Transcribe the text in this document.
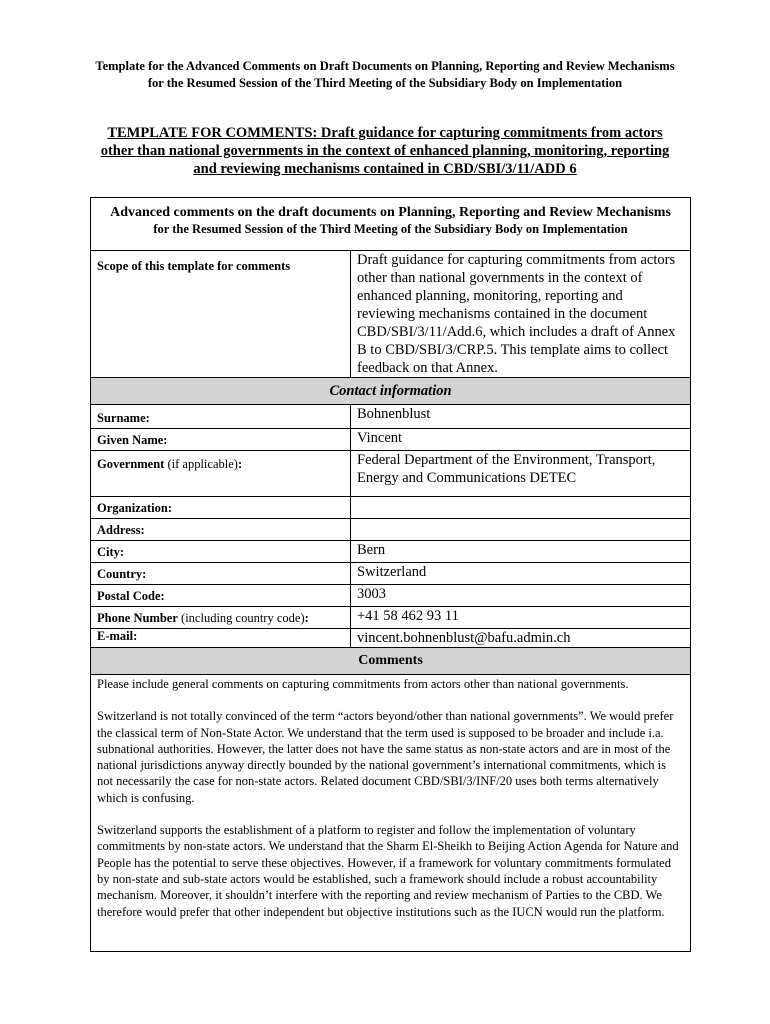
Template for the Advanced Comments on Draft Documents on Planning, Reporting and Review Mechanisms for the Resumed Session of the Third Meeting of the Subsidiary Body on Implementation
TEMPLATE FOR COMMENTS: Draft guidance for capturing commitments from actors other than national governments in the context of enhanced planning, monitoring, reporting and reviewing mechanisms contained in CBD/SBI/3/11/ADD 6
Advanced comments on the draft documents on Planning, Reporting and Review Mechanisms
for the Resumed Session of the Third Meeting of the Subsidiary Body on Implementation	

Scope of this template for comments	Draft guidance for capturing commitments from actors other than national governments in the context of enhanced planning, monitoring, reporting and reviewing mechanisms contained in the document CBD/SBI/3/11/Add.6, which includes a draft of Annex B to CBD/SBI/3/CRP.5. This template aims to collect feedback on that Annex.
Contact information	
Surname:	Bohnenblust
Given Name:	Vincent
Government (if applicable):	Federal Department of the Environment, Transport, Energy and Communications DETEC
Organization:	
Address:	
City:	Bern
Country:	Switzerland
Postal Code:	3003
Phone Number (including country code):	+41 58 462 93 11
E-mail:	vincent.bohnenblust@bafu.admin.ch
Comments	

Please include general comments on capturing commitments from actors other than national governments.

Switzerland is not totally convinced of the term “actors beyond/other than national governments”. We would prefer the classical term of Non-State Actor. We understand that the term used is supposed to be broader and include i.a. subnational authorities. However, the latter does not have the same status as non-state actors and are in most of the national jurisdictions anyway directly bounded by the national government’s international commitments, which is not necessarily the case for non-state actors. Related document CBD/SBI/3/INF/20 uses both terms alternatively which is confusing.

Switzerland supports the establishment of a platform to register and follow the implementation of voluntary commitments by non-state actors. We understand that the Sharm El-Sheikh to Beijing Action Agenda for Nature and People has the potential to serve these objectives. However, if a framework for voluntary commitments formulated by non-state and sub-state actors would be established, such a framework should include a robust accountability mechanism. Moreover, it shouldn’t interfere with the reporting and review mechanism of Parties to the CBD. We therefore would prefer that other independent but objective institutions such as the IUCN would run the platform.	
